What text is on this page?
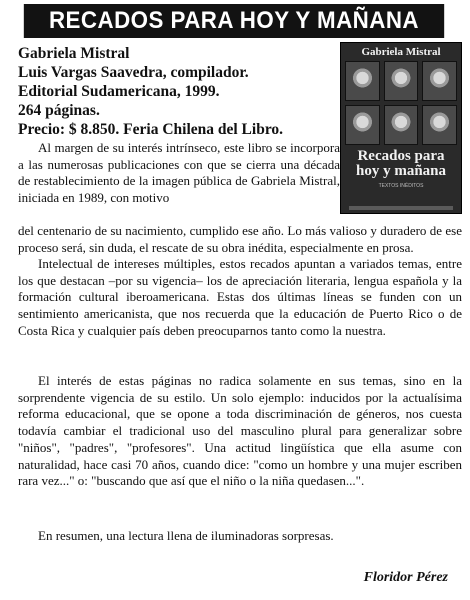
RECADOS PARA HOY Y MAÑANA
Gabriela Mistral
Luis Vargas Saavedra, compilador.
Editorial Sudamericana, 1999.
264 páginas.
Precio: $ 8.850. Feria Chilena del Libro.
Gabriela Mistral
Recados para
hoy y mañana
TEXTOS INÉDITOS

Al margen de su interés intrínseco, este libro se incorpora a las numerosas publicaciones con que se cierra una década de restablecimiento de la imagen pública de Gabriela Mistral, iniciada en 1989, con motivo

del centenario de su nacimiento, cumplido ese año. Lo más valioso y duradero de ese proceso será, sin duda, el rescate de su obra inédita, especialmente en prosa.

Intelectual de intereses múltiples, estos recados apuntan a variados temas, entre los que destacan –por su vigencia– los de apreciación literaria, lengua española y la formación cultural iberoamericana. Estas dos últimas líneas se funden con un sentimiento americanista, que nos recuerda que la educación de Puerto Rico o de Costa Rica y cualquier país deben preocuparnos tanto como la nuestra.

El interés de estas páginas no radica solamente en sus temas, sino en la sorprendente vigencia de su estilo. Un solo ejemplo: inducidos por la actualísima reforma educacional, que se opone a toda discriminación de géneros, nos cuesta todavía cambiar el tradicional uso del masculino plural para generalizar sobre "niños", "padres", "profesores". Una actitud lingüística que ella asume con naturalidad, hace casi 70 años, cuando dice: "como un hombre y una mujer escriben rara vez..." o: "buscando que así que el niño o la niña quedasen...".

En resumen, una lectura llena de iluminadoras sorpresas.

Floridor Pérez
